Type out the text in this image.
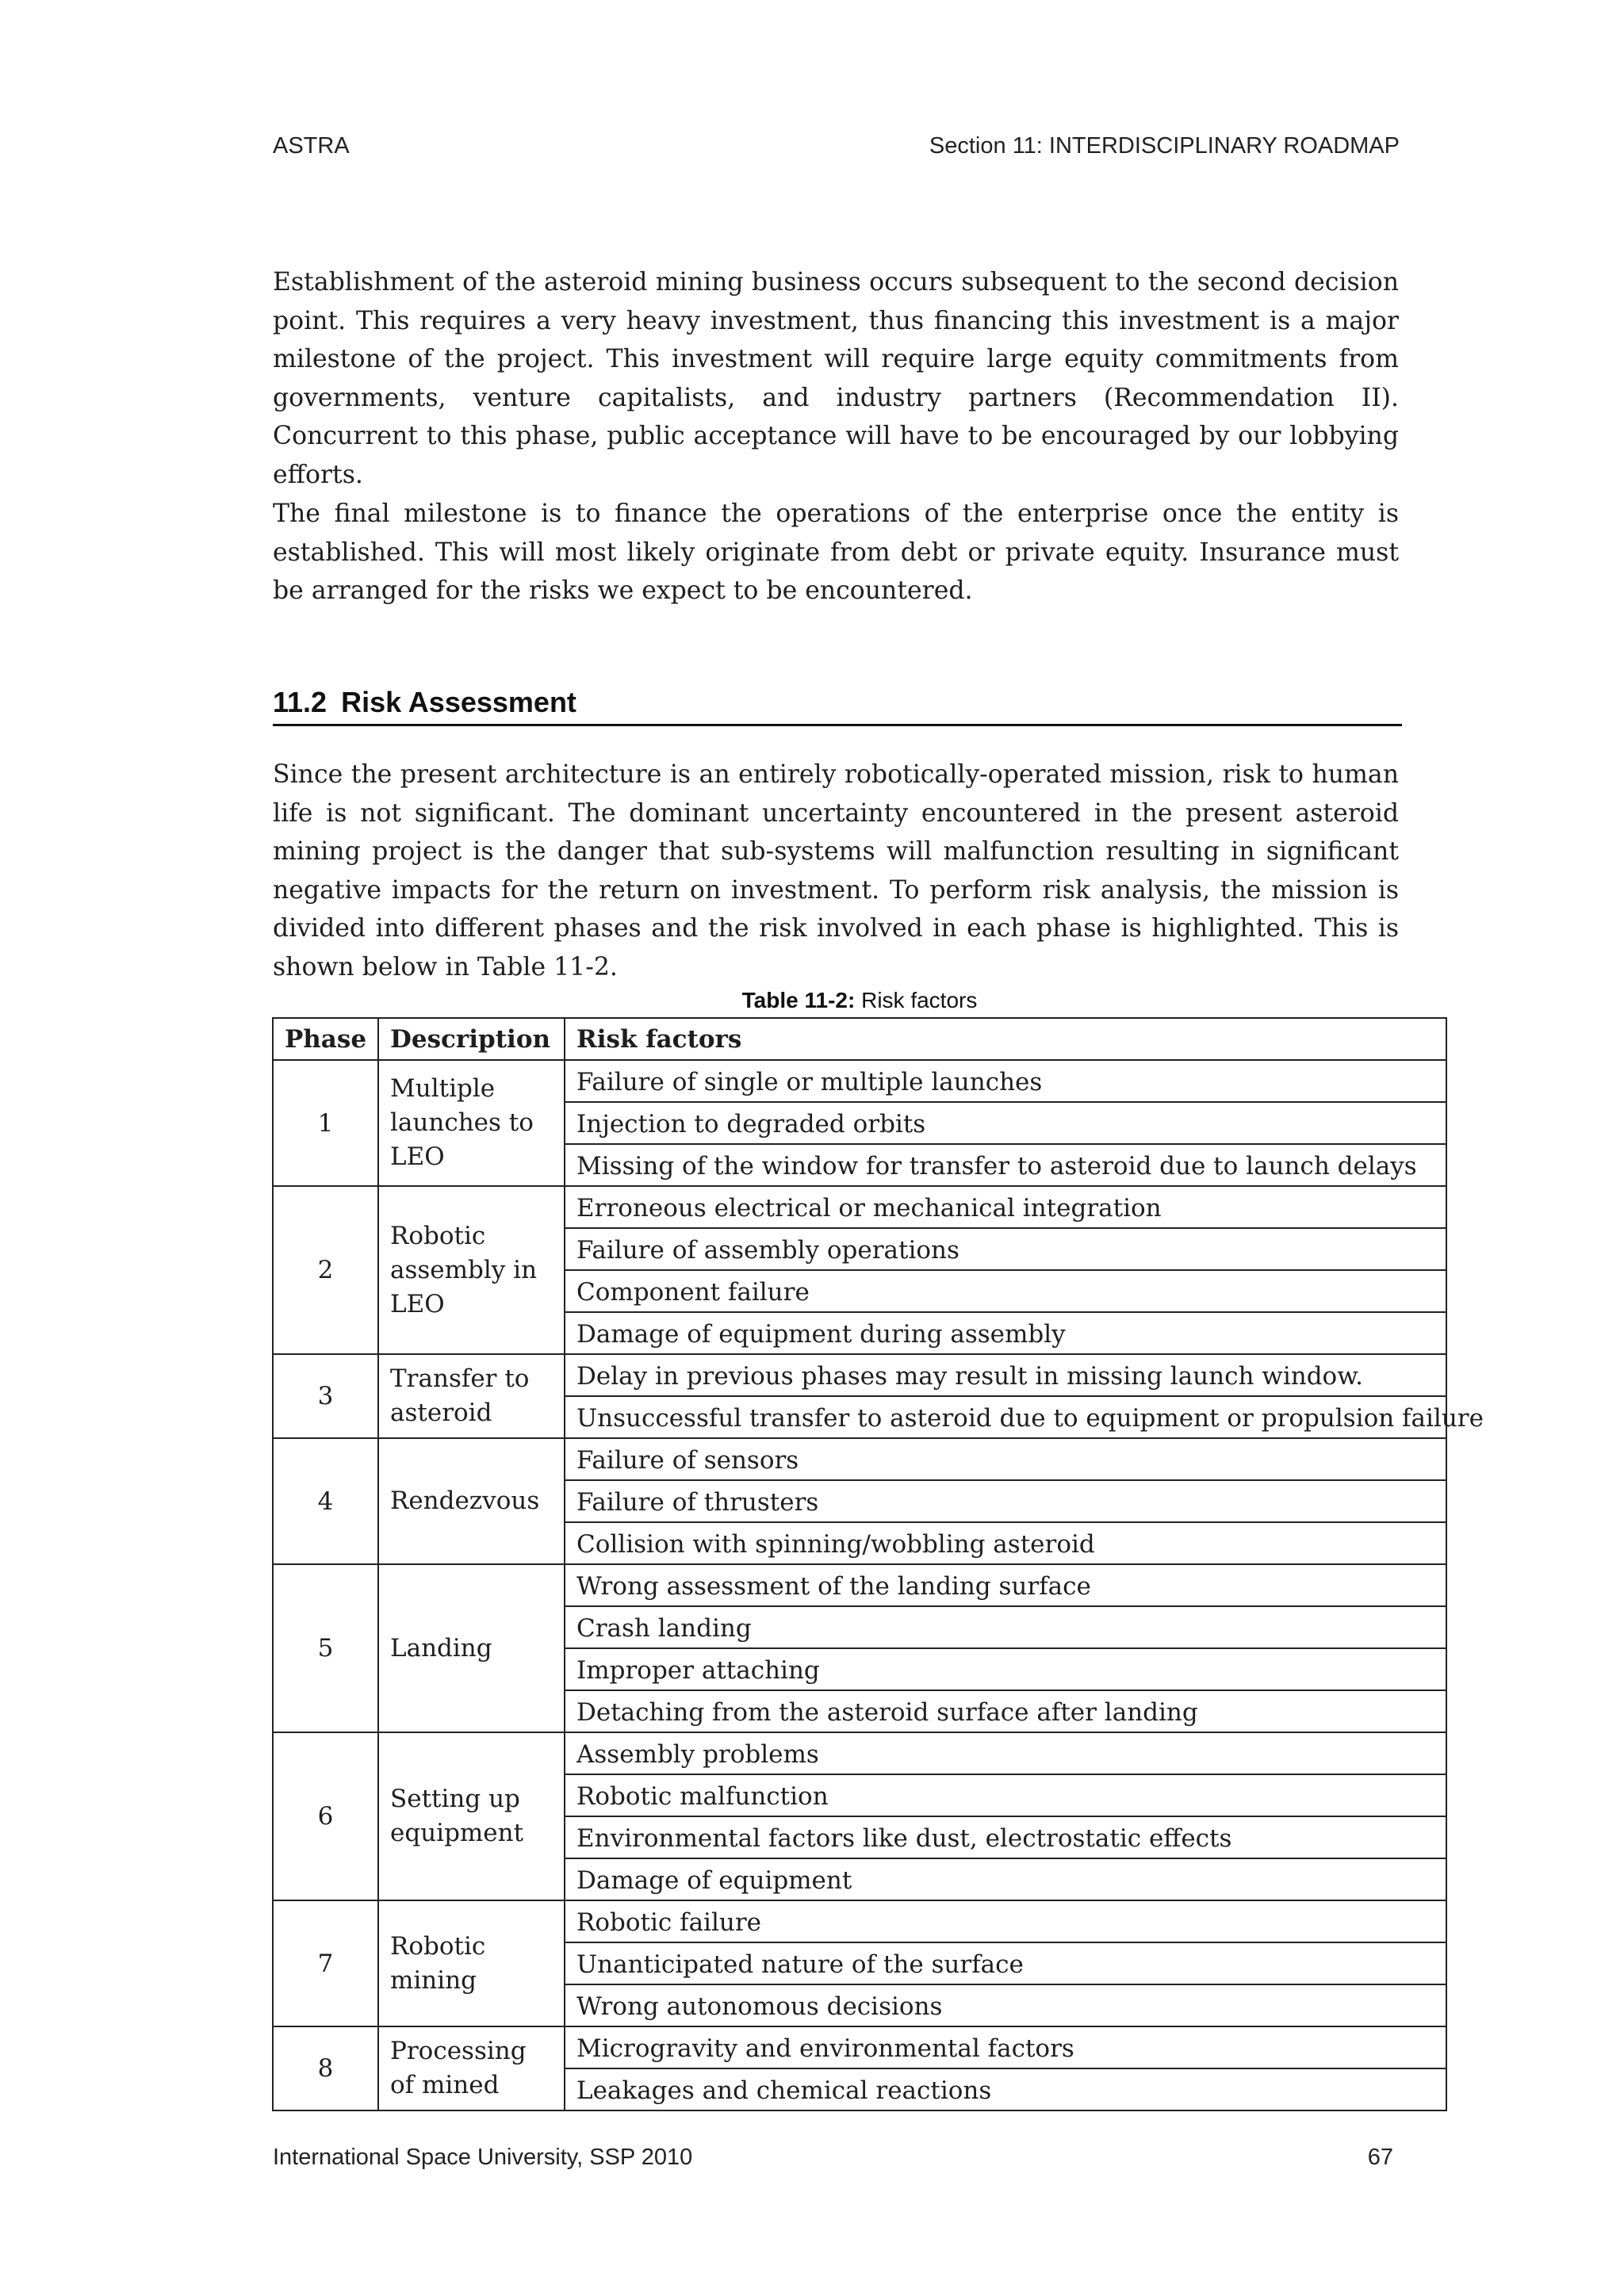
ASTRA	Section 11: INTERDISCIPLINARY ROADMAP

Establishment of the asteroid mining business occurs subsequent to the second decision point. This requires a very heavy investment, thus financing this investment is a major milestone of the project. This investment will require large equity commitments from governments, venture capitalists, and industry partners (Recommendation II). Concurrent to this phase, public acceptance will have to be encouraged by our lobbying efforts.

The final milestone is to finance the operations of the enterprise once the entity is established. This will most likely originate from debt or private equity. Insurance must be arranged for the risks we expect to be encountered.

11.2 Risk Assessment

Since the present architecture is an entirely robotically-operated mission, risk to human life is not significant. The dominant uncertainty encountered in the present asteroid mining project is the danger that sub-systems will malfunction resulting in significant negative impacts for the return on investment. To perform risk analysis, the mission is divided into different phases and the risk involved in each phase is highlighted. This is shown below in Table 11-2.

Table 11-2: Risk factors
Phase	Description	Risk factors
1	Multiple launches to LEO	Failure of single or multiple launches
		Injection to degraded orbits
		Missing of the window for transfer to asteroid due to launch delays
2	Robotic assembly in LEO	Erroneous electrical or mechanical integration
		Failure of assembly operations
		Component failure
		Damage of equipment during assembly
3	Transfer to asteroid	Delay in previous phases may result in missing launch window.
		Unsuccessful transfer to asteroid due to equipment or propulsion failure
4	Rendezvous	Failure of sensors
		Failure of thrusters
		Collision with spinning/wobbling asteroid
5	Landing	Wrong assessment of the landing surface
		Crash landing
		Improper attaching
		Detaching from the asteroid surface after landing
6	Setting up equipment	Assembly problems
		Robotic malfunction
		Environmental factors like dust, electrostatic effects
		Damage of equipment
7	Robotic mining	Robotic failure
		Unanticipated nature of the surface
		Wrong autonomous decisions
8	Processing of mined	Microgravity and environmental factors
		Leakages and chemical reactions
International Space University, SSP 2010	67
